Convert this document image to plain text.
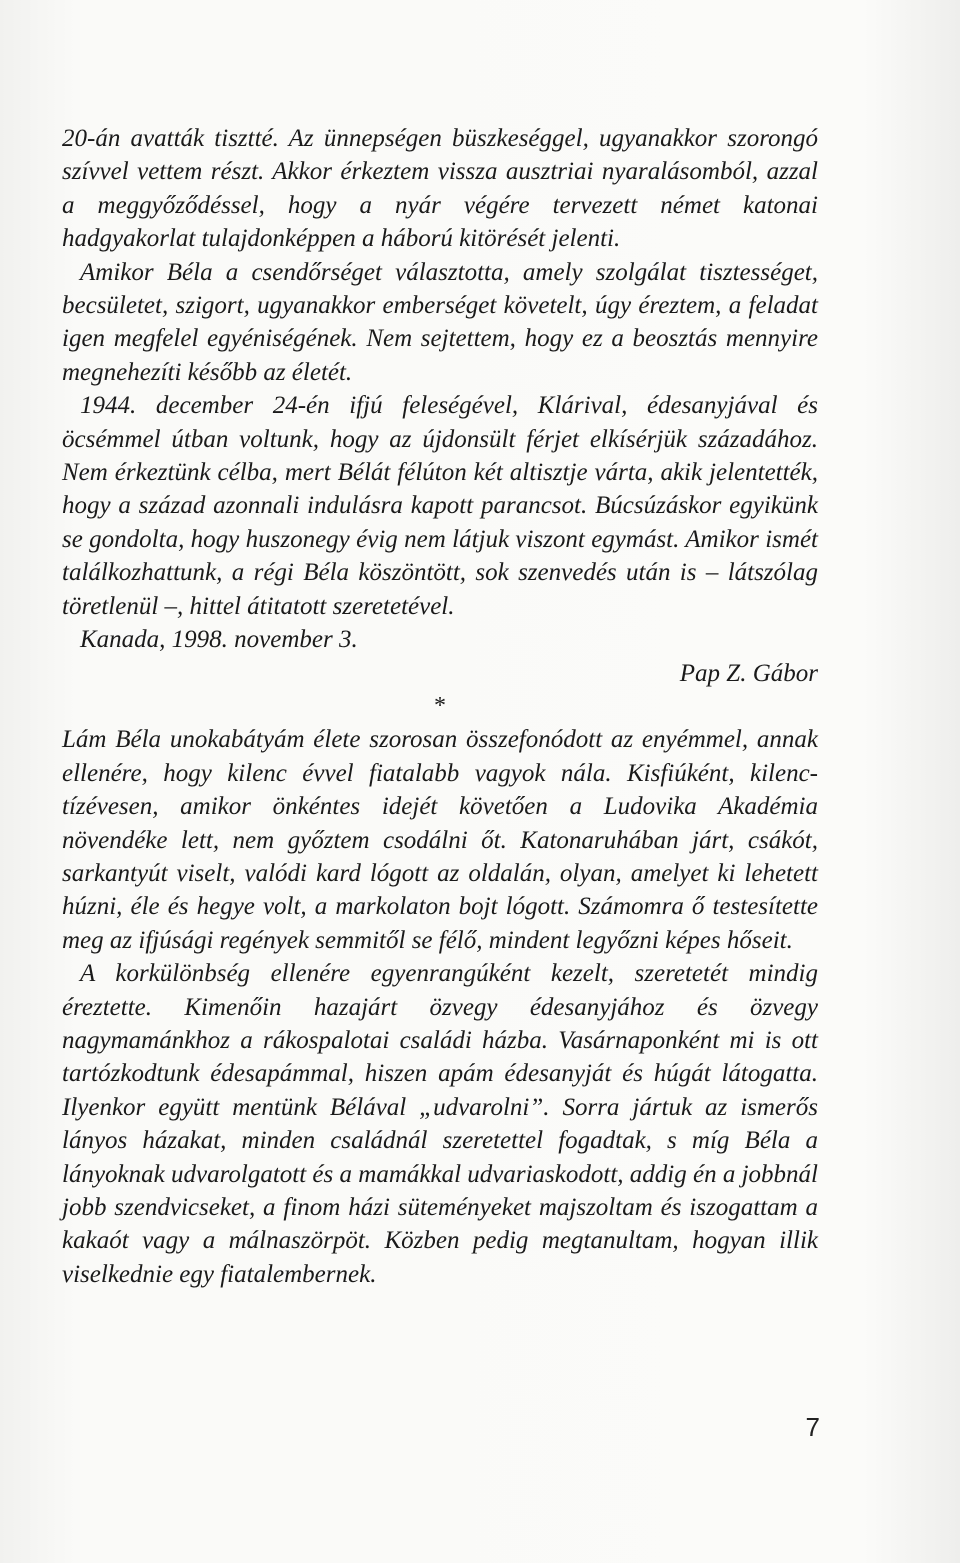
20-án avatták tisztté. Az ünnepségen büszkeséggel, ugyanakkor szorongó szívvel vettem részt. Akkor érkeztem vissza ausztriai nyaralásomból, azzal a meggyőződéssel, hogy a nyár végére tervezett német katonai hadgyakorlat tulajdonképpen a háború kitörését jelenti.

Amikor Béla a csendőrséget választotta, amely szolgálat tisztességet, becsületet, szigort, ugyanakkor emberséget követelt, úgy éreztem, a feladat igen megfelel egyéniségének. Nem sejtettem, hogy ez a beosztás mennyire megnehezíti később az életét.

1944. december 24-én ifjú feleségével, Klárival, édesanyjával és öcsémmel útban voltunk, hogy az újdonsült férjet elkísérjük századához. Nem érkeztünk célba, mert Bélát félúton két altisztje várta, akik jelentették, hogy a század azonnali indulásra kapott parancsot. Búcsúzáskor egyikünk se gondolta, hogy huszonegy évig nem látjuk viszont egymást. Amikor ismét találkozhattunk, a régi Béla köszöntött, sok szenvedés után is – látszólag töretlenül –, hittel átitatott szeretetével.

Kanada, 1998. november 3.

Pap Z. Gábor

*

Lám Béla unokabátyám élete szorosan összefonódott az enyémmel, annak ellenére, hogy kilenc évvel fiatalabb vagyok nála. Kisfiúként, kilenc-tízévesen, amikor önkéntes idejét követően a Ludovika Akadémia növendéke lett, nem győztem csodálni őt. Katonaruhában járt, csákót, sarkantyút viselt, valódi kard lógott az oldalán, olyan, amelyet ki lehetett húzni, éle és hegye volt, a markolaton bojt lógott. Számomra ő testesítette meg az ifjúsági regények semmitől se félő, mindent legyőzni képes hőseit.

A korkülönbség ellenére egyenrangúként kezelt, szeretetét mindig éreztette. Kimenőin hazajárt özvegy édesanyjához és özvegy nagymamánkhoz a rákospalotai családi házba. Vasárnaponként mi is ott tartózkodtunk édesapámmal, hiszen apám édesanyját és húgát látogatta. Ilyenkor együtt mentünk Bélával „udvarolni”. Sorra jártuk az ismerős lányos házakat, minden családnál szeretettel fogadtak, s míg Béla a lányoknak udvarolgatott és a mamákkal udvariaskodott, addig én a jobbnál jobb szendvicseket, a finom házi süteményeket majszoltam és iszogattam a kakaót vagy a málnaszörpöt. Közben pedig megtanultam, hogyan illik viselkednie egy fiatalembernek.

7
